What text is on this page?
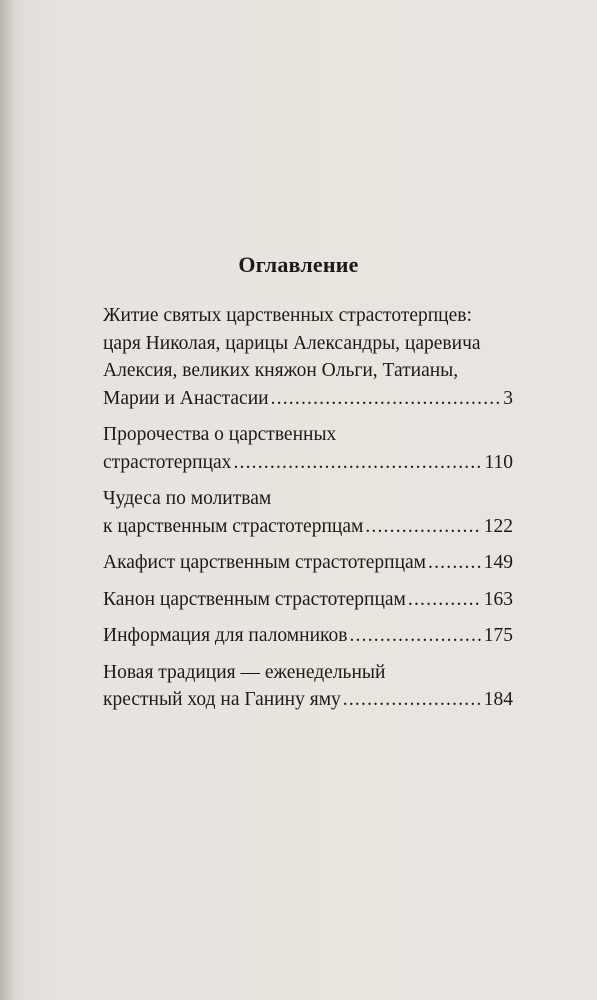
Оглавление
Житие святых царственных страстотерпцев:
царя Николая, царицы Александры, царевича
Алексия, великих княжон Ольги, Татианы,
Марии и Анастасии .....	3
Пророчества о царственных
страстотерпцах .....	110
Чудеса по молитвам
к царственным страстотерпцам .....	122
Акафист царственным страстотерпцам .....	149
Канон царственным страстотерпцам .....	163
Информация для паломников .....	175
Новая традиция — еженедельный
крестный ход на Ганину яму .....	184
